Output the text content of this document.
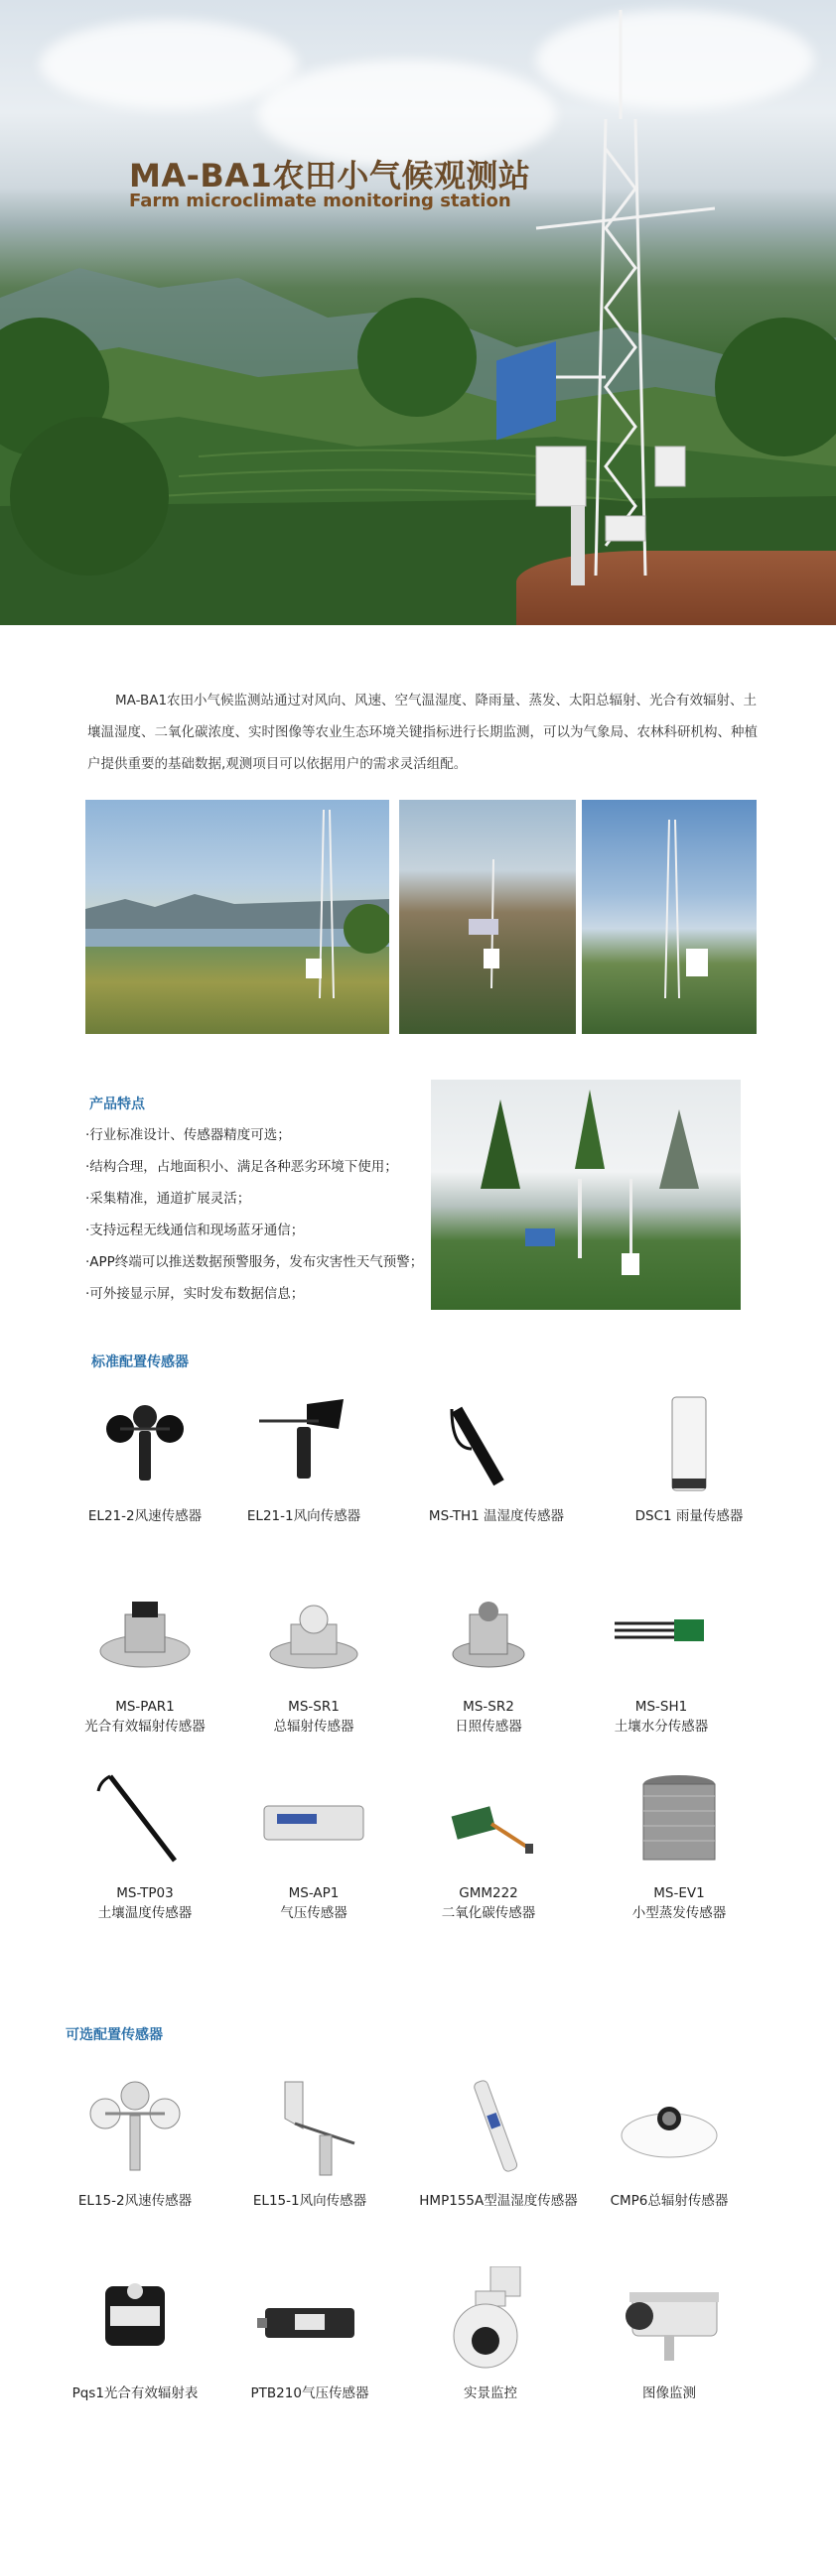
MA-BA1农田小气候观测站
Farm microclimate monitoring station

MA-BA1农田小气候监测站通过对风向、风速、空气温湿度、降雨量、蒸发、太阳总辐射、光合有效辐射、土壤温湿度、二氧化碳浓度、实时图像等农业生态环境关键指标进行长期监测，可以为气象局、农林科研机构、种植户提供重要的基础数据,观测项目可以依据用户的需求灵活组配。

产品特点
·行业标准设计、传感器精度可选；
·结构合理，占地面积小、满足各种恶劣环境下使用；
·采集精准，通道扩展灵活；
·支持远程无线通信和现场蓝牙通信；
·APP终端可以推送数据预警服务，发布灾害性天气预警；
·可外接显示屏，实时发布数据信息；
标准配置传感器
EL21-2风速传感器	EL21-1风向传感器	MS-TH1 温湿度传感器	DSC1 雨量传感器
MS-PAR1
光合有效辐射传感器
MS-SR1
总辐射传感器
MS-SR2
日照传感器
MS-SH1
土壤水分传感器
MS-TP03
土壤温度传感器
MS-AP1
气压传感器
GMM222
二氧化碳传感器
MS-EV1
小型蒸发传感器
可选配置传感器
EL15-2风速传感器	EL15-1风向传感器	HMP155A型温湿度传感器	CMP6总辐射传感器
Pqs1光合有效辐射表	PTB210气压传感器	实景监控	图像监测
